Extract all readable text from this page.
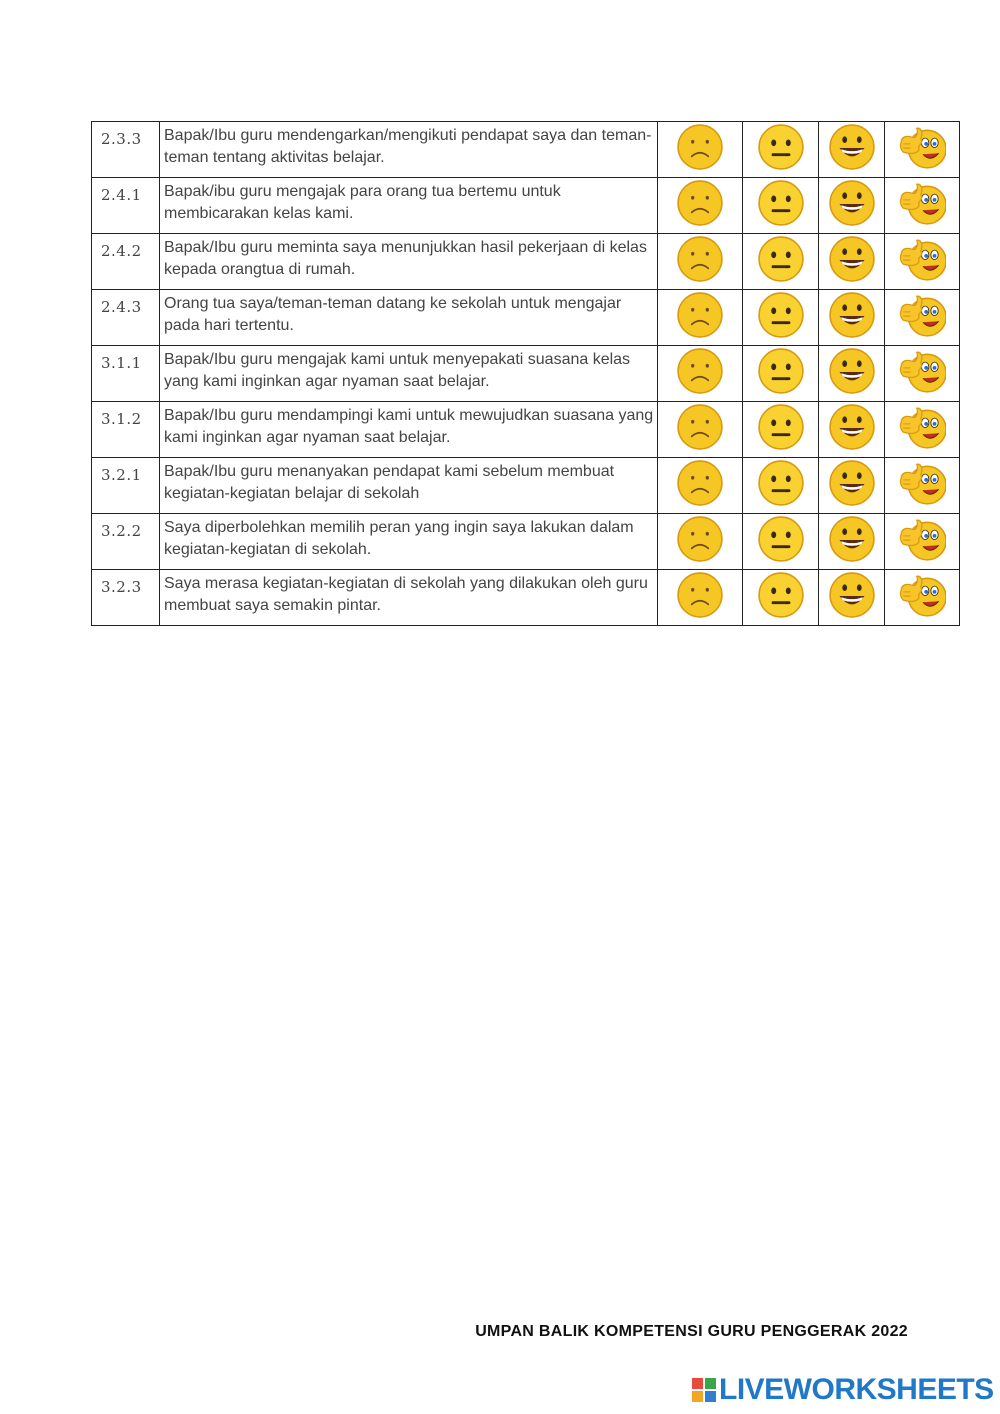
2.3.3	Bapak/Ibu guru mendengarkan/mengikuti pendapat saya dan teman-teman tentang aktivitas belajar.	

2.4.1	Bapak/ibu guru mengajak para orang tua bertemu untuk membicarakan kelas kami.	

2.4.2	Bapak/Ibu guru meminta saya menunjukkan hasil pekerjaan di kelas kepada orangtua di rumah.	

2.4.3	Orang tua saya/teman-teman datang ke sekolah untuk mengajar pada hari tertentu.	

3.1.1	Bapak/Ibu guru mengajak kami untuk menyepakati suasana kelas yang kami inginkan agar nyaman saat belajar.	

3.1.2	Bapak/Ibu guru mendampingi kami untuk mewujudkan suasana yang kami inginkan agar nyaman saat belajar.	

3.2.1	Bapak/Ibu guru menanyakan pendapat kami sebelum membuat kegiatan-kegiatan belajar di sekolah	

3.2.2	Saya diperbolehkan memilih peran yang ingin saya lakukan dalam kegiatan-kegiatan di sekolah.	

3.2.3	Saya merasa kegiatan-kegiatan di sekolah yang dilakukan oleh guru membuat saya semakin pintar.	

UMPAN BALIK KOMPETENSI GURU PENGGERAK 2022
LIVEWORKSHEETS
